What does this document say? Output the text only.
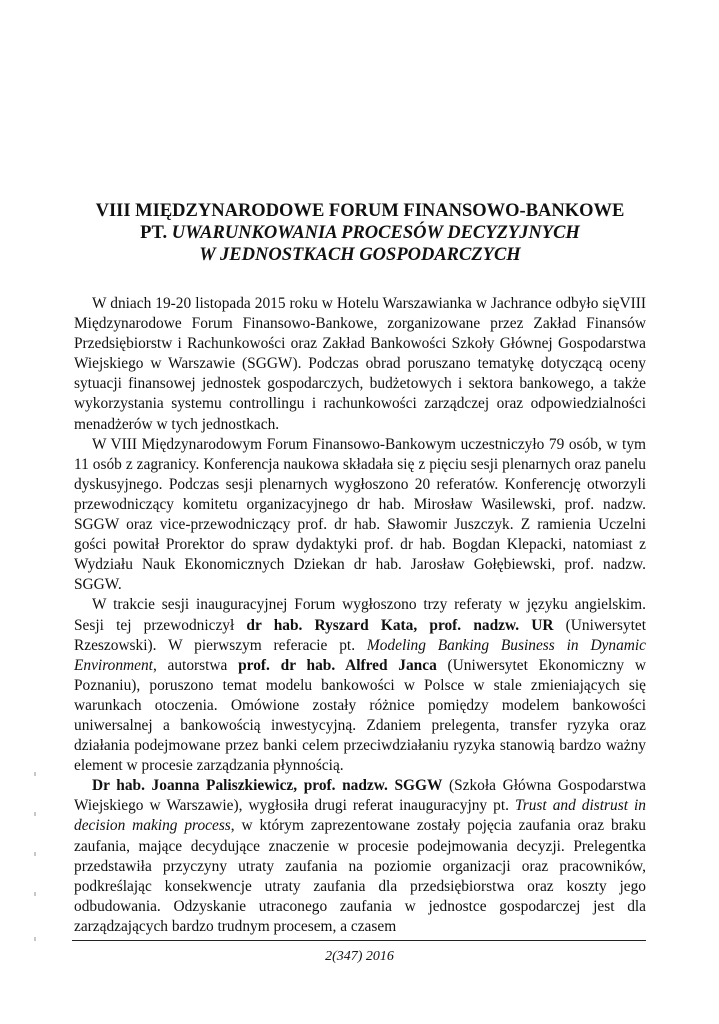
VIII MIĘDZYNARODOWE FORUM FINANSOWO-BANKOWE
PT. UWARUNKOWANIA PROCESÓW DECYZYJNYCH
W JEDNOSTKACH GOSPODARCZYCH

W dniach 19-20 listopada 2015 roku w Hotelu Warszawianka w Jachrance odbyło sięVIII Międzynarodowe Forum Finansowo-Bankowe, zorganizowane przez Zakład Finansów Przedsiębiorstw i Rachunkowości oraz Zakład Bankowości Szkoły Głównej Gospodarstwa Wiejskiego w Warszawie (SGGW). Podczas obrad poruszano tematykę dotyczącą oceny sytuacji finansowej jednostek gospodarczych, budżetowych i sektora bankowego, a także wykorzystania systemu controllingu i rachunkowości zarządczej oraz odpowiedzialności menadżerów w tych jednostkach.

W VIII Międzynarodowym Forum Finansowo-Bankowym uczestniczyło 79 osób, w tym 11 osób z zagranicy. Konferencja naukowa składała się z pięciu sesji plenarnych oraz panelu dyskusyjnego. Podczas sesji plenarnych wygłoszono 20 referatów. Konferencję otworzyli przewodniczący komitetu organizacyjnego dr hab. Mirosław Wasilewski, prof. nadzw. SGGW oraz vice-przewodniczący prof. dr hab. Sławomir Juszczyk. Z ramienia Uczelni gości powitał Prorektor do spraw dydaktyki prof. dr hab. Bogdan Klepacki, natomiast z Wydziału Nauk Ekonomicznych Dziekan dr hab. Jarosław Gołębiewski, prof. nadzw. SGGW.

W trakcie sesji inauguracyjnej Forum wygłoszono trzy referaty w języku angielskim. Sesji tej przewodniczył dr hab. Ryszard Kata, prof. nadzw. UR (Uniwersytet Rzeszowski). W pierwszym referacie pt. Modeling Banking Business in Dynamic Environment, autorstwa prof. dr hab. Alfred Janca (Uniwersytet Ekonomiczny w Poznaniu), poruszono temat modelu bankowości w Polsce w stale zmieniających się warunkach otoczenia. Omówione zostały różnice pomiędzy modelem bankowości uniwersalnej a bankowością inwestycyjną. Zdaniem prelegenta, transfer ryzyka oraz działania podejmowane przez banki celem przeciwdziałaniu ryzyka stanowią bardzo ważny element w procesie zarządzania płynnością.

Dr hab. Joanna Paliszkiewicz, prof. nadzw. SGGW (Szkoła Główna Gospodarstwa Wiejskiego w Warszawie), wygłosiła drugi referat inauguracyjny pt. Trust and distrust in decision making process, w którym zaprezentowane zostały pojęcia zaufania oraz braku zaufania, mające decydujące znaczenie w procesie podejmowania decyzji. Prelegentka przedstawiła przyczyny utraty zaufania na poziomie organizacji oraz pracowników, podkreślając konsekwencje utraty zaufania dla przedsiębiorstwa oraz koszty jego odbudowania. Odzyskanie utraconego zaufania w jednostce gospodarczej jest dla zarządzających bardzo trudnym procesem, a czasem

2(347) 2016
